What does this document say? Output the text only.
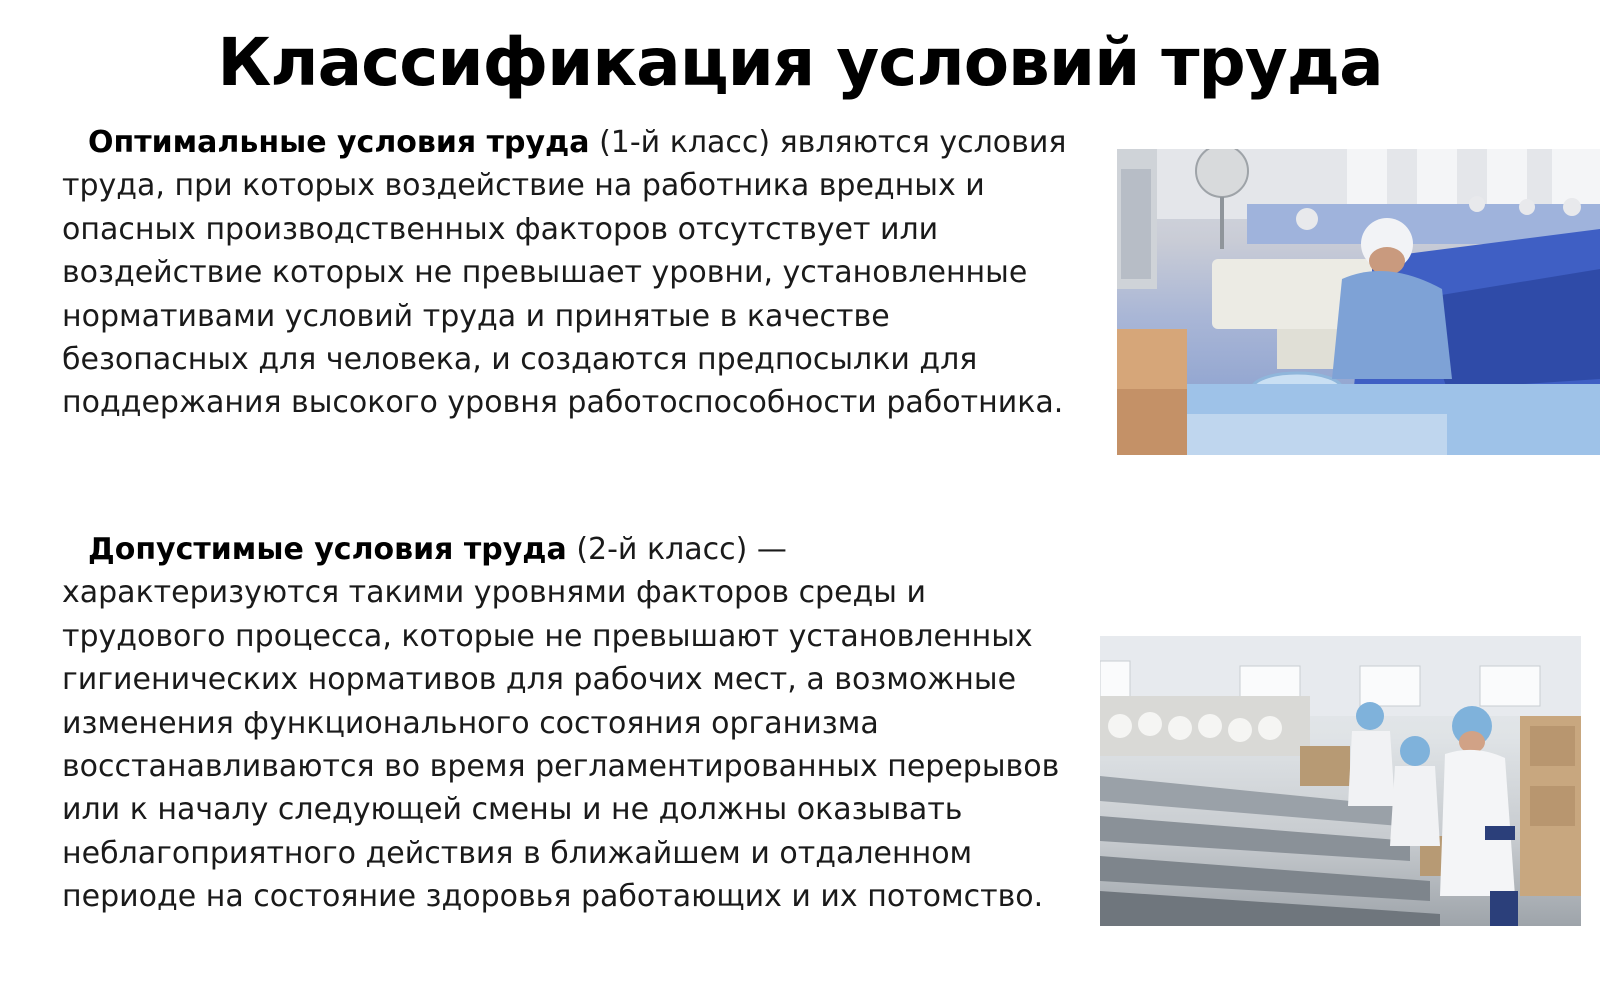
Классификация условий труда
Оптимальные условия труда (1-й класс) являются условия труда, при которых воздействие на работника вредных и опасных производственных факторов отсутствует или воздействие которых не превышает уровни, установленные нормативами условий труда и принятые в качестве безопасных для человека, и создаются предпосылки для поддержания высокого уровня работоспособности работника.
Допустимые условия труда (2-й класс) — характеризуются такими уровнями факторов среды и трудового процесса, которые не превышают установленных гигиенических нормативов для рабочих мест, а возможные изменения функционального состояния организма восстанавливаются во время регламентированных перерывов или к началу следующей смены и не должны оказывать неблагоприятного действия в ближайшем и отдаленном периоде на состояние здоровья работающих и их потомство.
